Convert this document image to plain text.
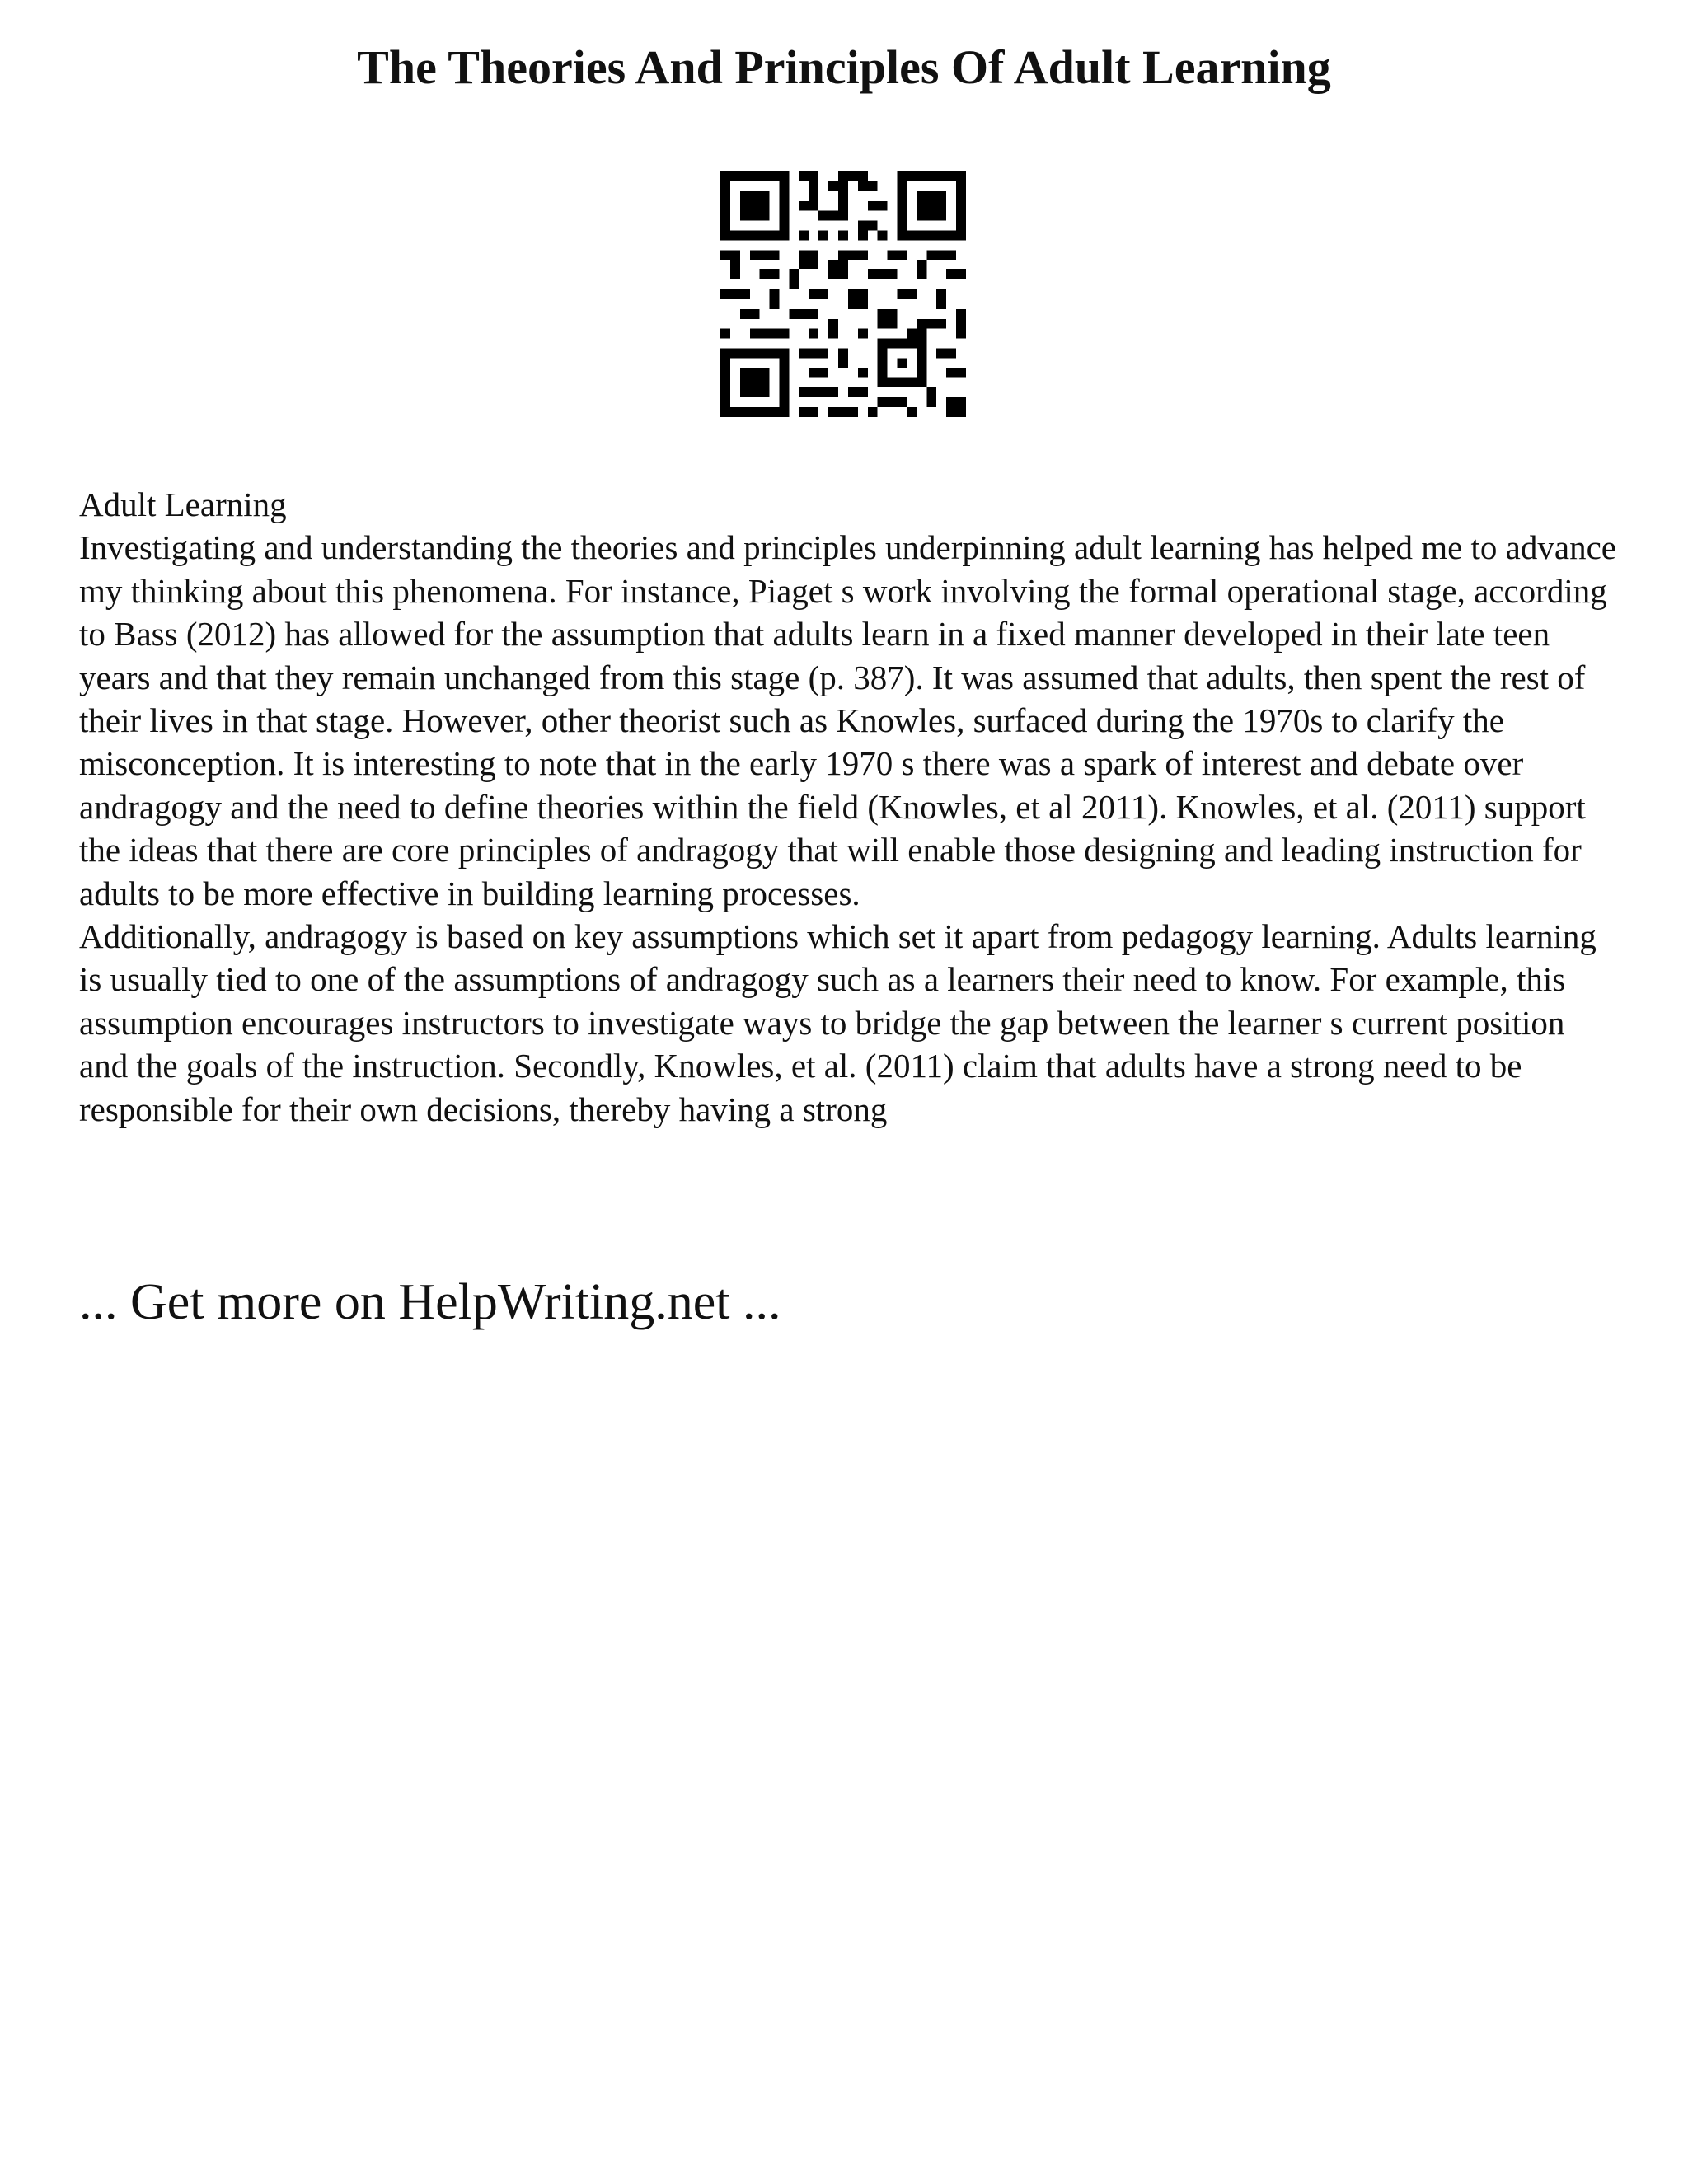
The Theories And Principles Of Adult Learning

Adult Learning

Investigating and understanding the theories and principles underpinning adult learning has helped me to advance my thinking about this phenomena. For instance, Piaget s work involving the formal operational stage, according to Bass (2012) has allowed for the assumption that adults learn in a fixed manner developed in their late teen years and that they remain unchanged from this stage (p. 387). It was assumed that adults, then spent the rest of their lives in that stage. However, other theorist such as Knowles, surfaced during the 1970s to clarify the misconception. It is interesting to note that in the early 1970 s there was a spark of interest and debate over andragogy and the need to define theories within the field (Knowles, et al 2011). Knowles, et al. (2011) support the ideas that there are core principles of andragogy that will enable those designing and leading instruction for adults to be more effective in building learning processes.

Additionally, andragogy is based on key assumptions which set it apart from pedagogy learning. Adults learning is usually tied to one of the assumptions of andragogy such as a learners their need to know. For example, this assumption encourages instructors to investigate ways to bridge the gap between the learner s current position and the goals of the instruction. Secondly, Knowles, et al. (2011) claim that adults have a strong need to be responsible for their own decisions, thereby having a strong

... Get more on HelpWriting.net ...
